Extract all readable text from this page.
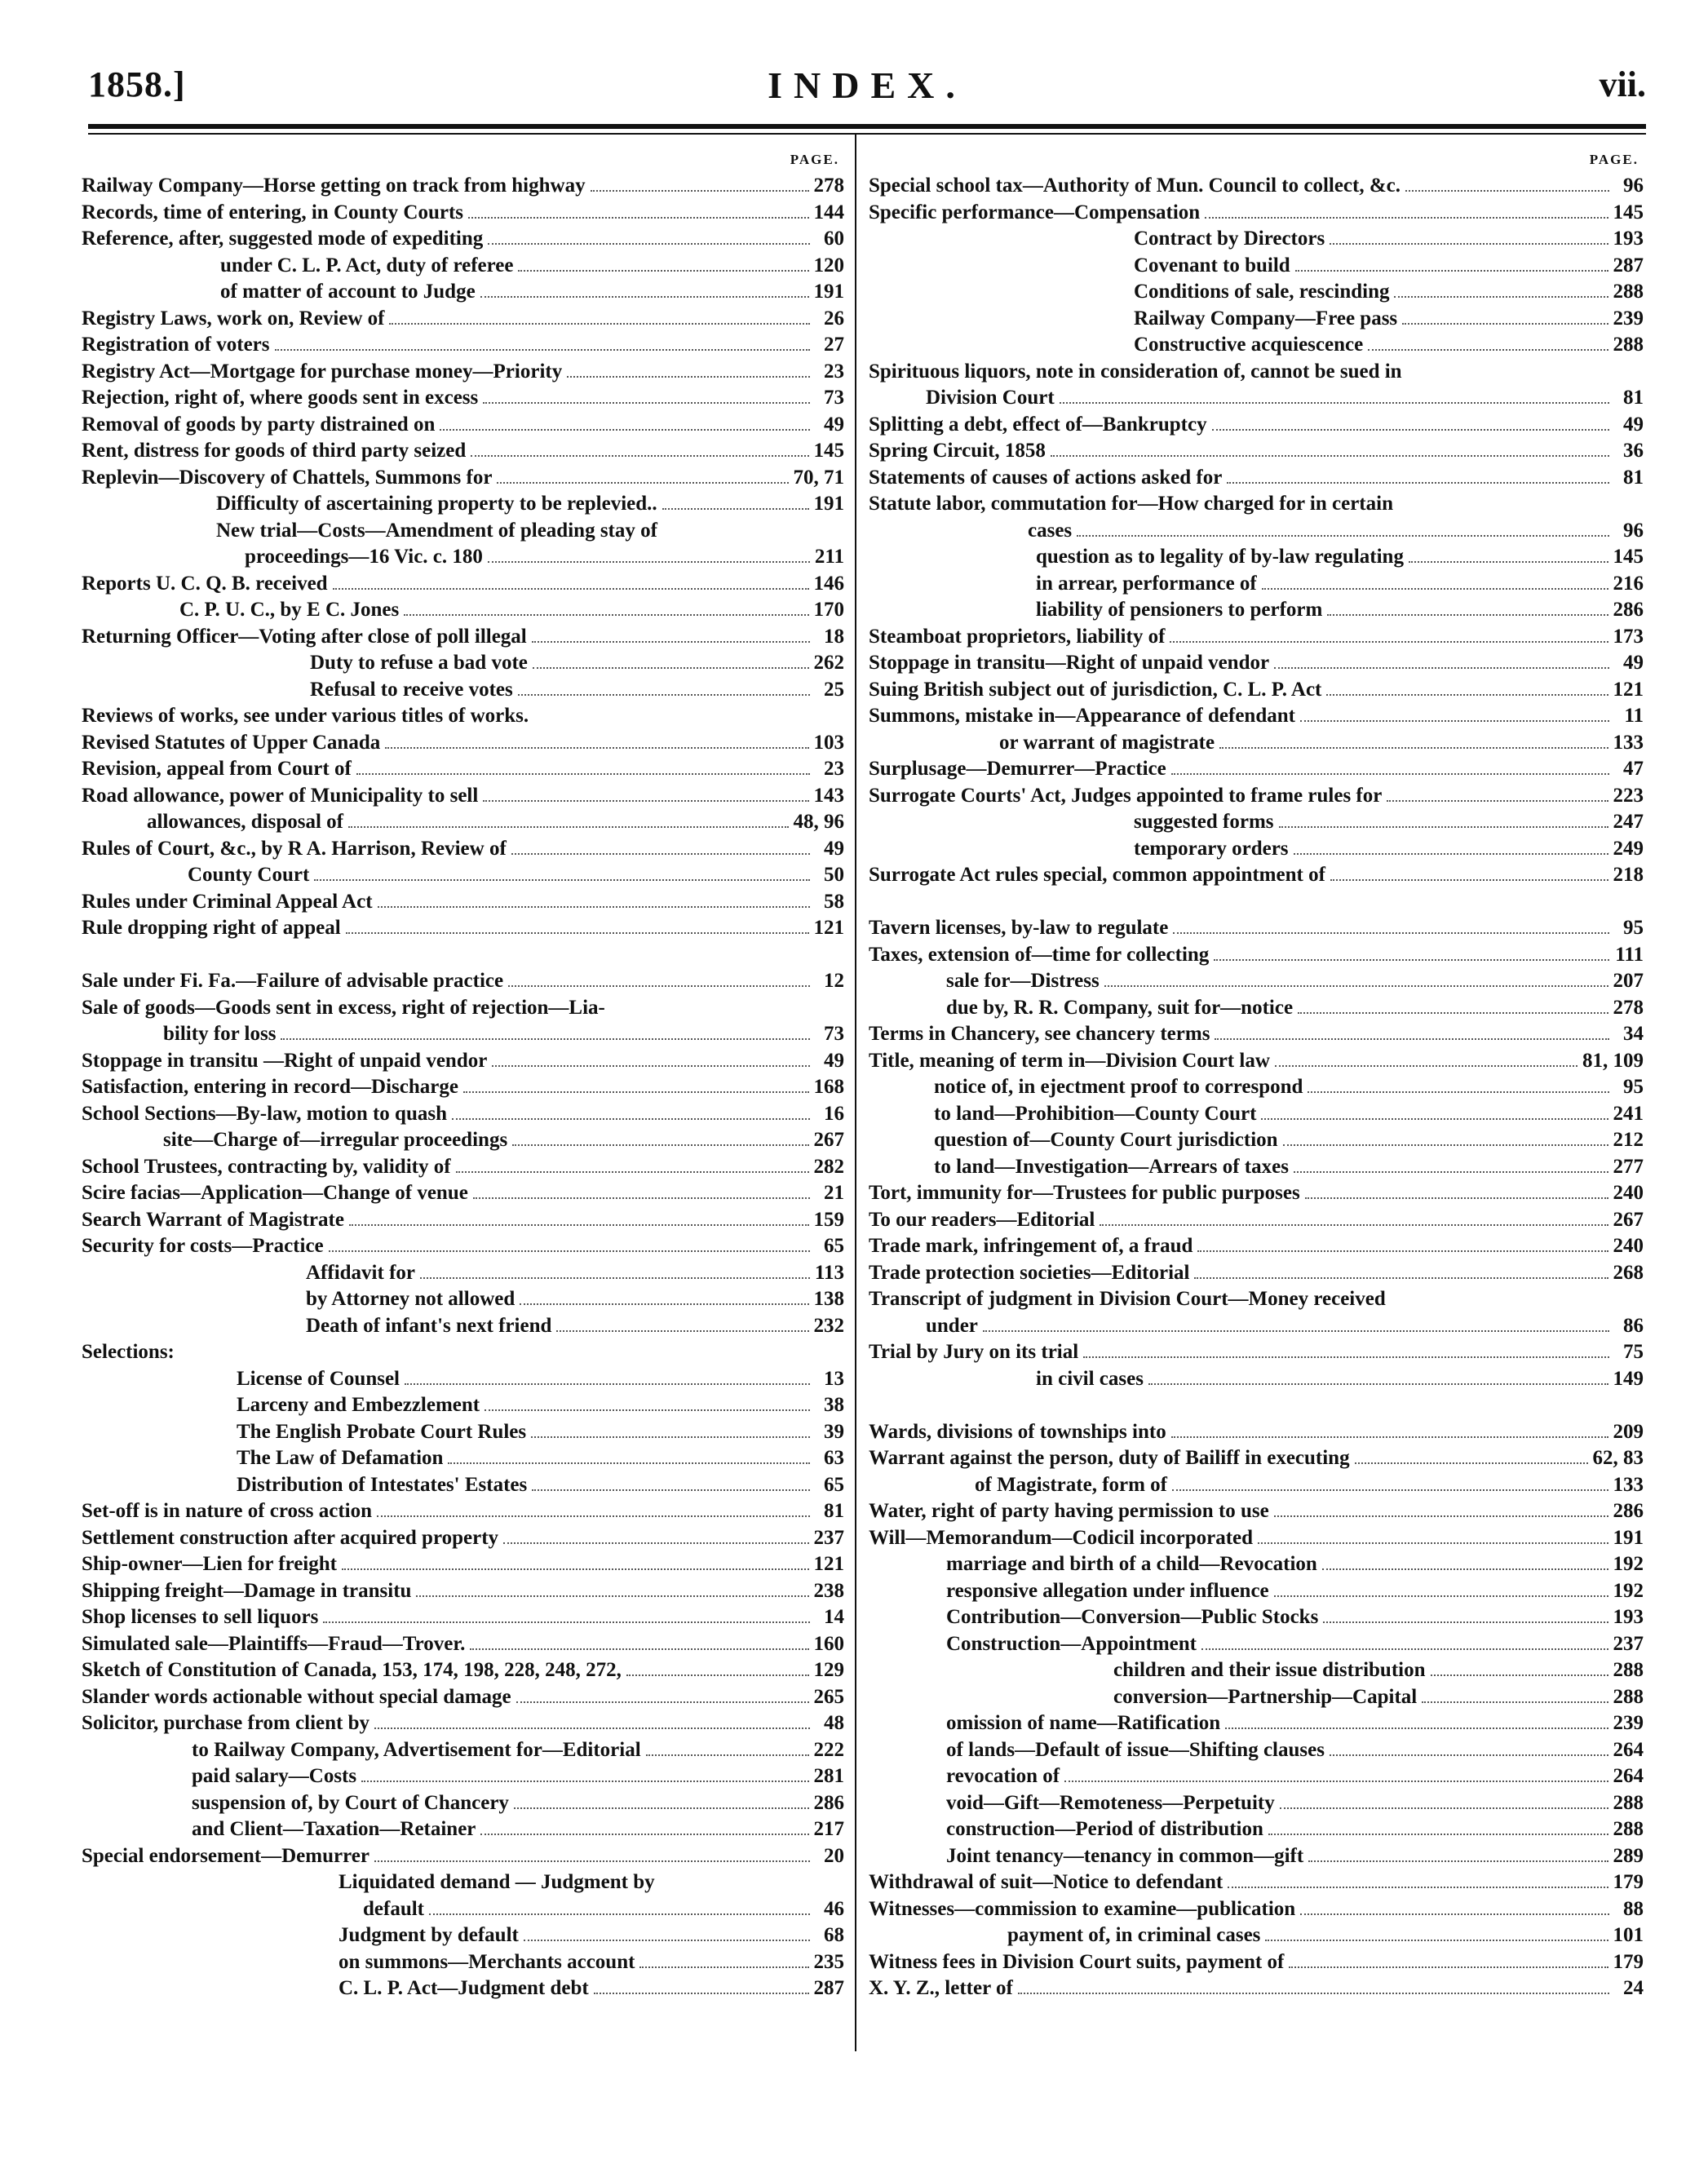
1858.]	INDEX.	vii.
PAGE.
Railway Company—Horse getting on track from highway	278
Records, time of entering, in County Courts	144
Reference, after, suggested mode of expediting	60
under C. L. P. Act, duty of referee	120
of matter of account to Judge	191
Registry Laws, work on, Review of	26
Registration of voters	27
Registry Act—Mortgage for purchase money—Priority	23
Rejection, right of, where goods sent in excess	73
Removal of goods by party distrained on	49
Rent, distress for goods of third party seized	145
Replevin—Discovery of Chattels, Summons for	70, 71
Difficulty of ascertaining property to be replevied..	191
New trial—Costs—Amendment of pleading stay of
proceedings—16 Vic. c. 180	211
Reports U. C. Q. B. received	146
C. P. U. C., by E C. Jones	170
Returning Officer—Voting after close of poll illegal	18
Duty to refuse a bad vote	262
Refusal to receive votes	25
Reviews of works, see under various titles of works.
Revised Statutes of Upper Canada	103
Revision, appeal from Court of	23
Road allowance, power of Municipality to sell	143
allowances, disposal of	48, 96
Rules of Court, &c., by R A. Harrison, Review of	49
County Court	50
Rules under Criminal Appeal Act	58
Rule dropping right of appeal	121
Sale under Fi. Fa.—Failure of advisable practice	12
Sale of goods—Goods sent in excess, right of rejection—Lia-
bility for loss	73
Stoppage in transitu —Right of unpaid vendor	49
Satisfaction, entering in record—Discharge	168
School Sections—By-law, motion to quash	16
site—Charge of—irregular proceedings	267
School Trustees, contracting by, validity of	282
Scire facias—Application—Change of venue	21
Search Warrant of Magistrate	159
Security for costs—Practice	65
Affidavit for	113
by Attorney not allowed	138
Death of infant's next friend	232
Selections:
License of Counsel	13
Larceny and Embezzlement	38
The English Probate Court Rules	39
The Law of Defamation	63
Distribution of Intestates' Estates	65
Set-off is in nature of cross action	81
Settlement construction after acquired property	237
Ship-owner—Lien for freight	121
Shipping freight—Damage in transitu	238
Shop licenses to sell liquors	14
Simulated sale—Plaintiffs—Fraud—Trover.	160
Sketch of Constitution of Canada, 153, 174, 198, 228, 248, 272,	129
Slander words actionable without special damage	265
Solicitor, purchase from client by	48
to Railway Company, Advertisement for—Editorial	222
paid salary—Costs	281
suspension of, by Court of Chancery	286
and Client—Taxation—Retainer	217
Special endorsement—Demurrer	20
Liquidated demand — Judgment by
default	46
Judgment by default	68
on summons—Merchants account	235
C. L. P. Act—Judgment debt	287
PAGE.
Special school tax—Authority of Mun. Council to collect, &c.	96
Specific performance—Compensation	145
Contract by Directors	193
Covenant to build	287
Conditions of sale, rescinding	288
Railway Company—Free pass	239
Constructive acquiescence	288
Spirituous liquors, note in consideration of, cannot be sued in
Division Court	81
Splitting a debt, effect of—Bankruptcy	49
Spring Circuit, 1858	36
Statements of causes of actions asked for	81
Statute labor, commutation for—How charged for in certain
cases	96
question as to legality of by-law regulating	145
in arrear, performance of	216
liability of pensioners to perform	286
Steamboat proprietors, liability of	173
Stoppage in transitu—Right of unpaid vendor	49
Suing British subject out of jurisdiction, C. L. P. Act	121
Summons, mistake in—Appearance of defendant	11
or warrant of magistrate	133
Surplusage—Demurrer—Practice	47
Surrogate Courts' Act, Judges appointed to frame rules for	223
suggested forms	247
temporary orders	249
Surrogate Act rules special, common appointment of	218
Tavern licenses, by-law to regulate	95
Taxes, extension of—time for collecting	111
sale for—Distress	207
due by, R. R. Company, suit for—notice	278
Terms in Chancery, see chancery terms	34
Title, meaning of term in—Division Court law	81, 109
notice of, in ejectment proof to correspond	95
to land—Prohibition—County Court	241
question of—County Court jurisdiction	212
to land—Investigation—Arrears of taxes	277
Tort, immunity for—Trustees for public purposes	240
To our readers—Editorial	267
Trade mark, infringement of, a fraud	240
Trade protection societies—Editorial	268
Transcript of judgment in Division Court—Money received
under	86
Trial by Jury on its trial	75
in civil cases	149
Wards, divisions of townships into	209
Warrant against the person, duty of Bailiff in executing	62, 83
of Magistrate, form of	133
Water, right of party having permission to use	286
Will—Memorandum—Codicil incorporated	191
marriage and birth of a child—Revocation	192
responsive allegation under influence	192
Contribution—Conversion—Public Stocks	193
Construction—Appointment	237
children and their issue distribution	288
conversion—Partnership—Capital	288
omission of name—Ratification	239
of lands—Default of issue—Shifting clauses	264
revocation of	264
void—Gift—Remoteness—Perpetuity	288
construction—Period of distribution	288
Joint tenancy—tenancy in common—gift	289
Withdrawal of suit—Notice to defendant	179
Witnesses—commission to examine—publication	88
payment of, in criminal cases	101
Witness fees in Division Court suits, payment of	179
X. Y. Z., letter of	24
